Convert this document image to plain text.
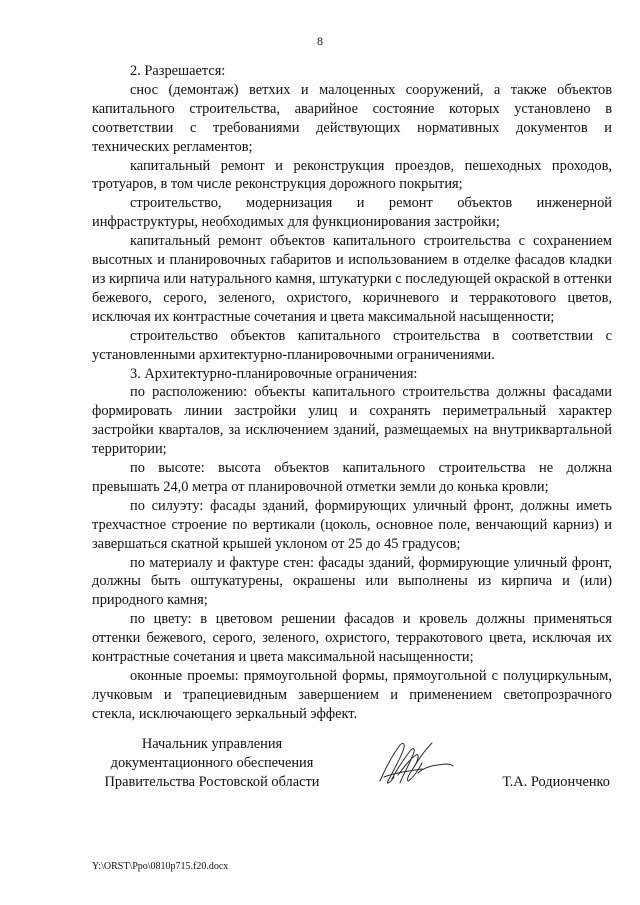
8

2. Разрешается:

снос (демонтаж) ветхих и малоценных сооружений, а также объектов капитального строительства, аварийное состояние которых установлено в соответствии с требованиями действующих нормативных документов и технических регламентов;

капитальный ремонт и реконструкция проездов, пешеходных проходов, тротуаров, в том числе реконструкция дорожного покрытия;

строительство, модернизация и ремонт объектов инженерной инфраструктуры, необходимых для функционирования застройки;

капитальный ремонт объектов капитального строительства с сохранением высотных и планировочных габаритов и использованием в отделке фасадов кладки из кирпича или натурального камня, штукатурки с последующей окраской в оттенки бежевого, серого, зеленого, охристого, коричневого и терракотового цветов, исключая их контрастные сочетания и цвета максимальной насыщенности;

строительство объектов капитального строительства в соответствии с установленными архитектурно-планировочными ограничениями.

3. Архитектурно-планировочные ограничения:

по расположению: объекты капитального строительства должны фасадами формировать линии застройки улиц и сохранять периметральный характер застройки кварталов, за исключением зданий, размещаемых на внутриквартальной территории;

по высоте: высота объектов капитального строительства не должна превышать 24,0 метра от планировочной отметки земли до конька кровли;

по силуэту: фасады зданий, формирующих уличный фронт, должны иметь трехчастное строение по вертикали (цоколь, основное поле, венчающий карниз) и завершаться скатной крышей уклоном от 25 до 45 градусов;

по материалу и фактуре стен: фасады зданий, формирующие уличный фронт, должны быть оштукатурены, окрашены или выполнены из кирпича и (или) природного камня;

по цвету: в цветовом решении фасадов и кровель должны применяться оттенки бежевого, серого, зеленого, охристого, терракотового цвета, исключая их контрастные сочетания и цвета максимальной насыщенности;

оконные проемы: прямоугольной формы, прямоугольной с полуциркульным, лучковым и трапециевидным завершением и применением светопрозрачного стекла, исключающего зеркальный эффект.

Начальник управления
документационного обеспечения
Правительства Ростовской области	Т.А. Родионченко
Y:\ORST\Ppo\0810p715.f20.docx
